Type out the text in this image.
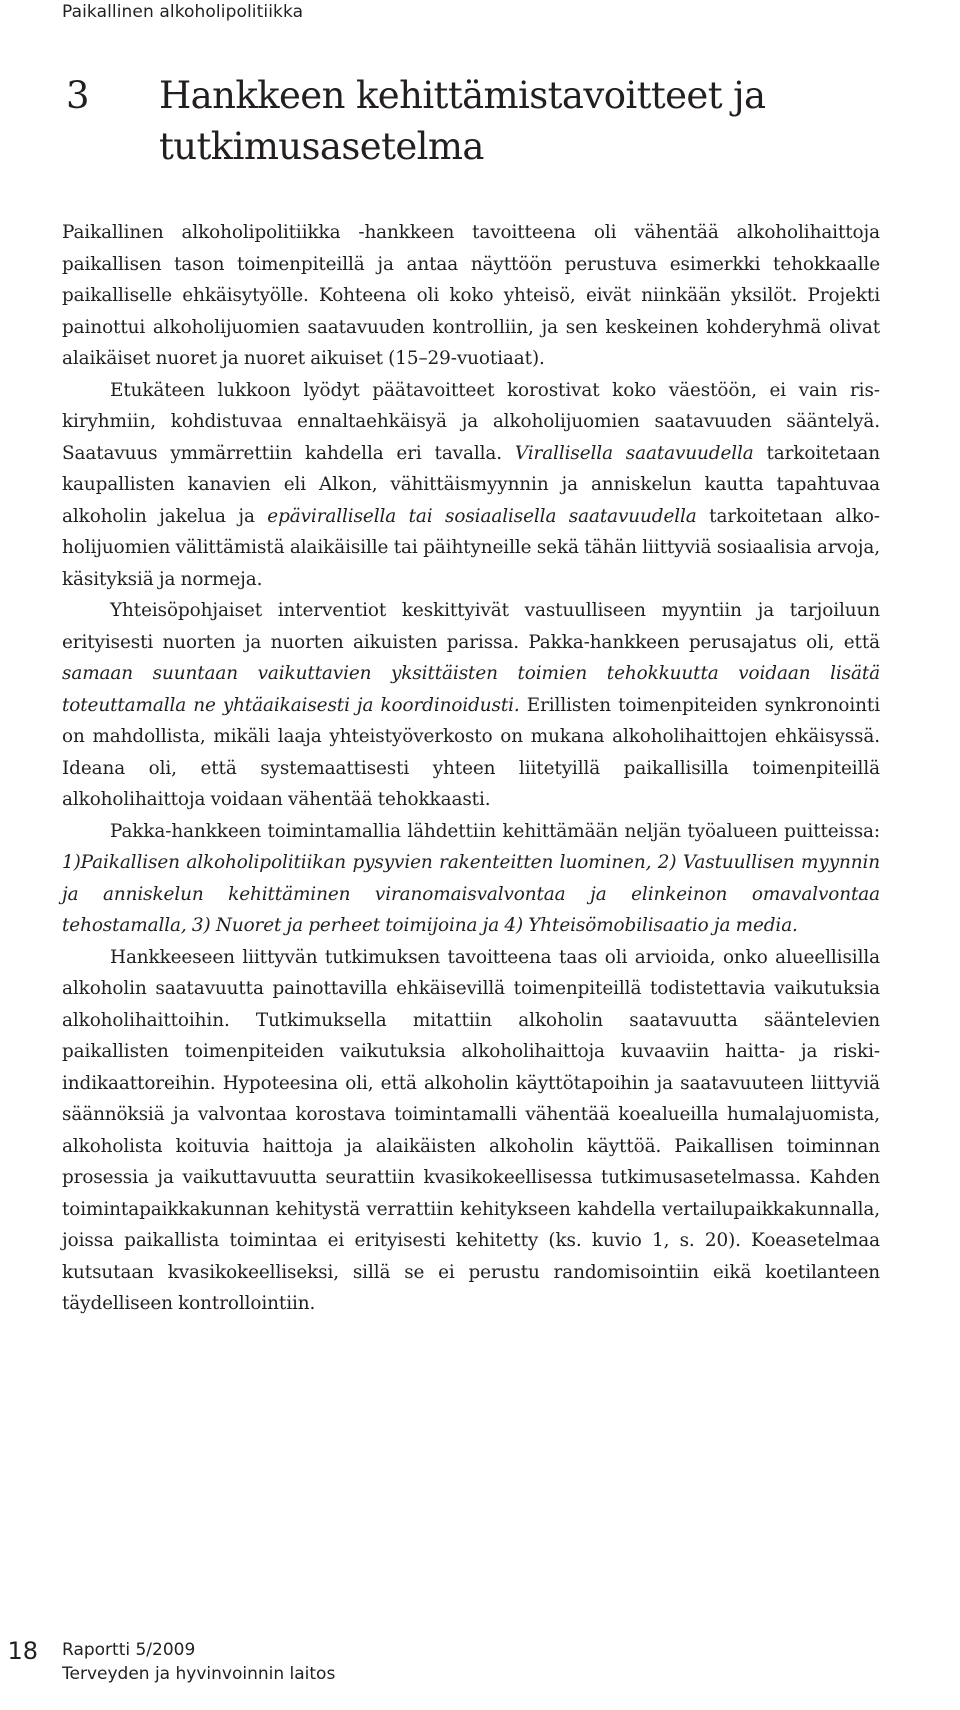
Paikallinen alkoholipolitiikka
3 Hankkeen kehittämistavoitteet ja tutkimusasetelma

Paikallinen alkoholipolitiikka -hankkeen tavoitteena oli vähentää alkoholihaittoja paikallisen tason toimenpiteillä ja antaa näyttöön perustuva esimerkki tehokkaalle paikalliselle ehkäisytyölle. Kohteena oli koko yhteisö, eivät niinkään yksilöt. Projekti painottui alkoholijuomien saatavuuden kontrolliin, ja sen keskeinen kohderyhmä olivat alaikäiset nuoret ja nuoret aikuiset (15–29-vuotiaat).

Etukäteen lukkoon lyödyt päätavoitteet korostivat koko väestöön, ei vain riskiryhmiin, kohdistuvaa ennaltaehkäisyä ja alkoholijuomien saatavuuden sääntelyä. Saatavuus ymmärrettiin kahdella eri tavalla. Virallisella saatavuudella tarkoitetaan kaupallisten kanavien eli Alkon, vähittäismyynnin ja anniskelun kautta tapahtuvaa alkoholin jakelua ja epävirallisella tai sosiaalisella saatavuudella tarkoitetaan alkoholijuomien välittämistä alaikäisille tai päihtyneille sekä tähän liittyviä sosiaalisia arvoja, käsityksiä ja normeja.

Yhteisöpohjaiset interventiot keskittyivät vastuulliseen myyntiin ja tarjoiluun erityisesti nuorten ja nuorten aikuisten parissa. Pakka-hankkeen perusajatus oli, että samaan suuntaan vaikuttavien yksittäisten toimien tehokkuutta voidaan lisätä toteuttamalla ne yhtäaikaisesti ja koordinoidusti. Erillisten toimenpiteiden synkronointi on mahdollista, mikäli laaja yhteistyöverkosto on mukana alkoholihaittojen ehkäisyssä. Ideana oli, että systemaattisesti yhteen liitetyillä paikallisilla toimenpiteillä alkoholihaittoja voidaan vähentää tehokkaasti.

Pakka-hankkeen toimintamallia lähdettiin kehittämään neljän työalueen puitteissa: 1)Paikallisen alkoholipolitiikan pysyvien rakenteitten luominen, 2) Vastuullisen myynnin ja anniskelun kehittäminen viranomaisvalvontaa ja elinkeinon omavalvontaa tehostamalla, 3) Nuoret ja perheet toimijoina ja 4) Yhteisömobilisaatio ja media.

Hankkeeseen liittyvän tutkimuksen tavoitteena taas oli arvioida, onko alueellisilla alkoholin saatavuutta painottavilla ehkäisevillä toimenpiteillä todistettavia vaikutuksia alkoholihaittoihin. Tutkimuksella mitattiin alkoholin saatavuutta sääntelevien paikallisten toimenpiteiden vaikutuksia alkoholihaittoja kuvaaviin haitta- ja riski-indikaattoreihin. Hypoteesina oli, että alkoholin käyttötapoihin ja saatavuuteen liittyviä säännöksiä ja valvontaa korostava toimintamalli vähentää koealueilla humalajuomista, alkoholista koituvia haittoja ja alaikäisten alkoholin käyttöä. Paikallisen toiminnan prosessia ja vaikuttavuutta seurattiin kvasikokeellisessa tutkimusasetelmassa. Kahden toimintapaikkakunnan kehitystä verrattiin kehitykseen kahdella vertailupaikkakunnalla, joissa paikallista toimintaa ei erityisesti kehitetty (ks. kuvio 1, s. 20). Koeasetelmaa kutsutaan kvasikokeelliseksi, sillä se ei perustu randomisointiin eikä koetilanteen täydelliseen kontrollointiin.

18 Raportti 5/2009
Terveyden ja hyvinvoinnin laitos
